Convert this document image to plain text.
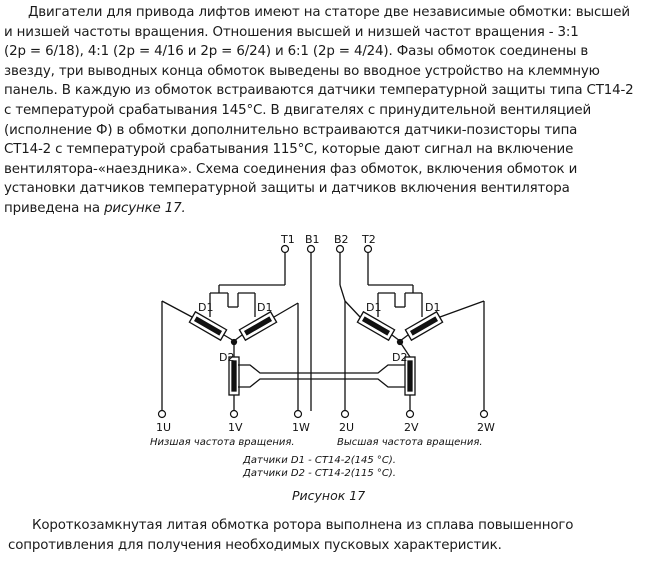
Двигатели для привода лифтов имеют на статоре две независимые обмотки: высшей
и низшей частоты вращения. Отношения высшей и низшей частот вращения - 3:1
(2р = 6/18), 4:1 (2р = 4/16 и 2р = 6/24) и 6:1 (2р = 4/24). Фазы обмоток соединены в
звезду, три выводных конца обмоток выведены во вводное устройство на клеммную
панель. В каждую из обмоток встраиваются датчики температурной защиты типа СТ14-2
с температурой срабатывания 145°С. В двигателях с принудительной вентиляцией
(исполнение Ф) в обмотки дополнительно встраиваются датчики-позисторы типа
СТ14-2 с температурой срабатывания 115°С, которые дают сигнал на включение
вентилятора-«наездника». Схема соединения фаз обмоток, включения обмоток и
установки датчиков температурной защиты и датчиков включения вентилятора
приведена на рисунке 17.
T1 B1 B2 T2
D1	D1
D2
D1	D1
D2
1U	1V	1W	2U	2V	2W
Низшая частота вращения.	Высшая частота вращения.
Датчики D1 - СТ14-2(145 °С).
Датчики D2 - СТ14-2(115 °С).

Рисунок 17

Короткозамкнутая литая обмотка ротора выполнена из сплава повышенного
сопротивления для получения необходимых пусковых характеристик.
